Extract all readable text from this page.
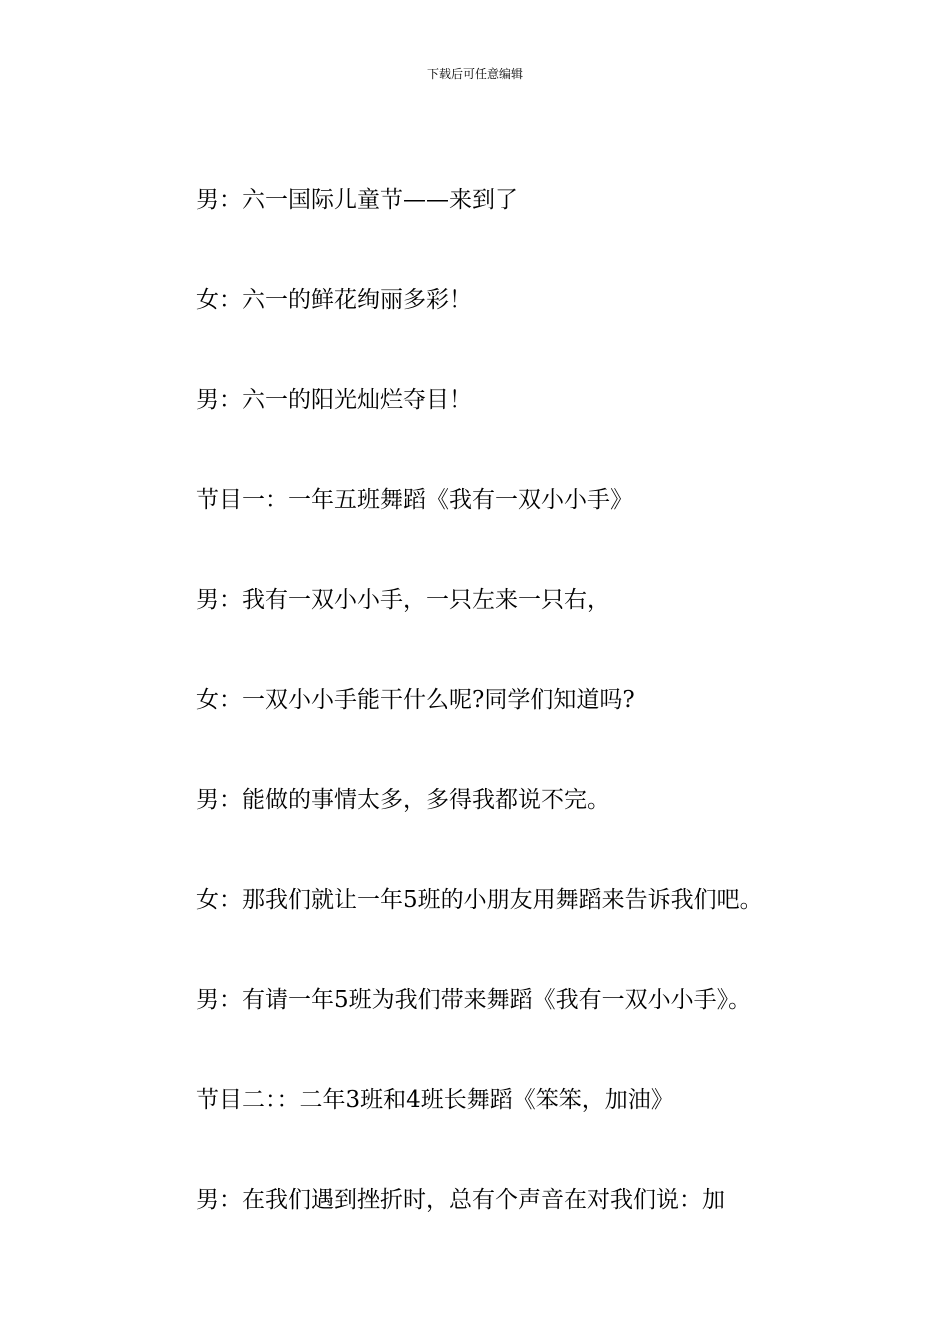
下载后可任意编辑
男：六一国际儿童节——来到了
女：六一的鲜花绚丽多彩！
男：六一的阳光灿烂夺目！
节目一：一年五班舞蹈《我有一双小小手》
男：我有一双小小手，一只左来一只右，
女：一双小小手能干什么呢?同学们知道吗?
男：能做的事情太多，多得我都说不完。
女：那我们就让一年5班的小朋友用舞蹈来告诉我们吧。
男：有请一年5班为我们带来舞蹈《我有一双小小手》。
节目二：：二年3班和4班长舞蹈《笨笨，加油》
男：在我们遇到挫折时，总有个声音在对我们说：加
